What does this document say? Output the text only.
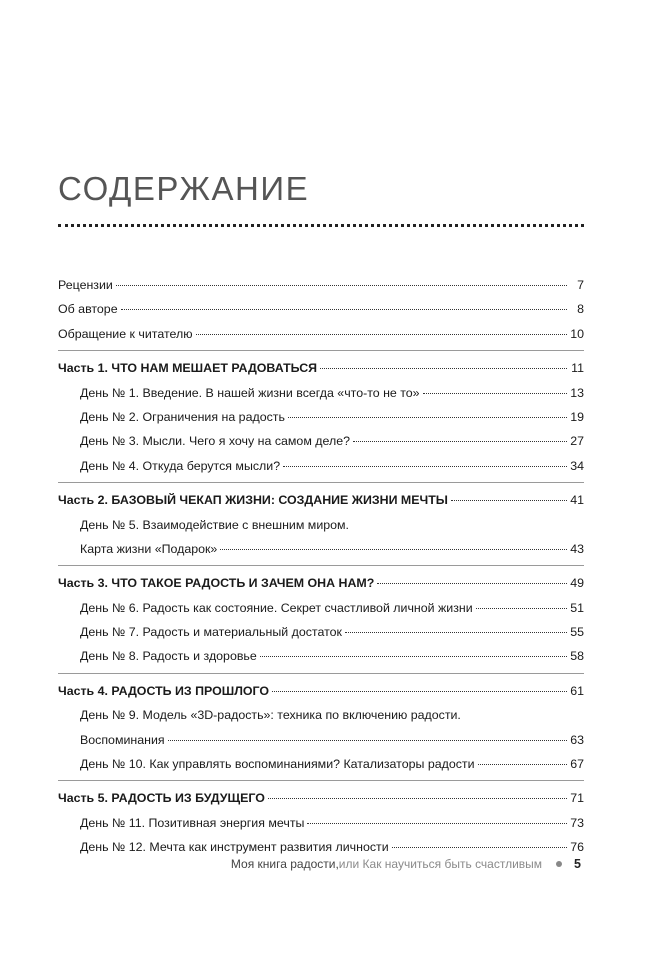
СОДЕРЖАНИЕ
Рецензии	7
Об авторе	8
Обращение к читателю	10
Часть 1. ЧТО НАМ МЕШАЕТ РАДОВАТЬСЯ	11
День № 1. Введение. В нашей жизни всегда «что-то не то»	13
День № 2. Ограничения на радость	19
День № 3. Мысли. Чего я хочу на самом деле?	27
День № 4. Откуда берутся мысли?	34
Часть 2. БАЗОВЫЙ ЧЕКАП ЖИЗНИ: СОЗДАНИЕ ЖИЗНИ МЕЧТЫ	41
День № 5. Взаимодействие с внешним миром.
Карта жизни «Подарок»	43
Часть 3. ЧТО ТАКОЕ РАДОСТЬ И ЗАЧЕМ ОНА НАМ?	49
День № 6. Радость как состояние. Секрет счастливой личной жизни	51
День № 7. Радость и материальный достаток	55
День № 8. Радость и здоровье	58
Часть 4. РАДОСТЬ ИЗ ПРОШЛОГО	61
День № 9. Модель «3D-радость»: техника по включению радости.
Воспоминания	63
День № 10. Как управлять воспоминаниями? Катализаторы радости	67
Часть 5. РАДОСТЬ ИЗ БУДУЩЕГО	71
День № 11. Позитивная энергия мечты	73
День № 12. Мечта как инструмент развития личности	76
Моя книга радости, или Как научиться быть счастливым	5
